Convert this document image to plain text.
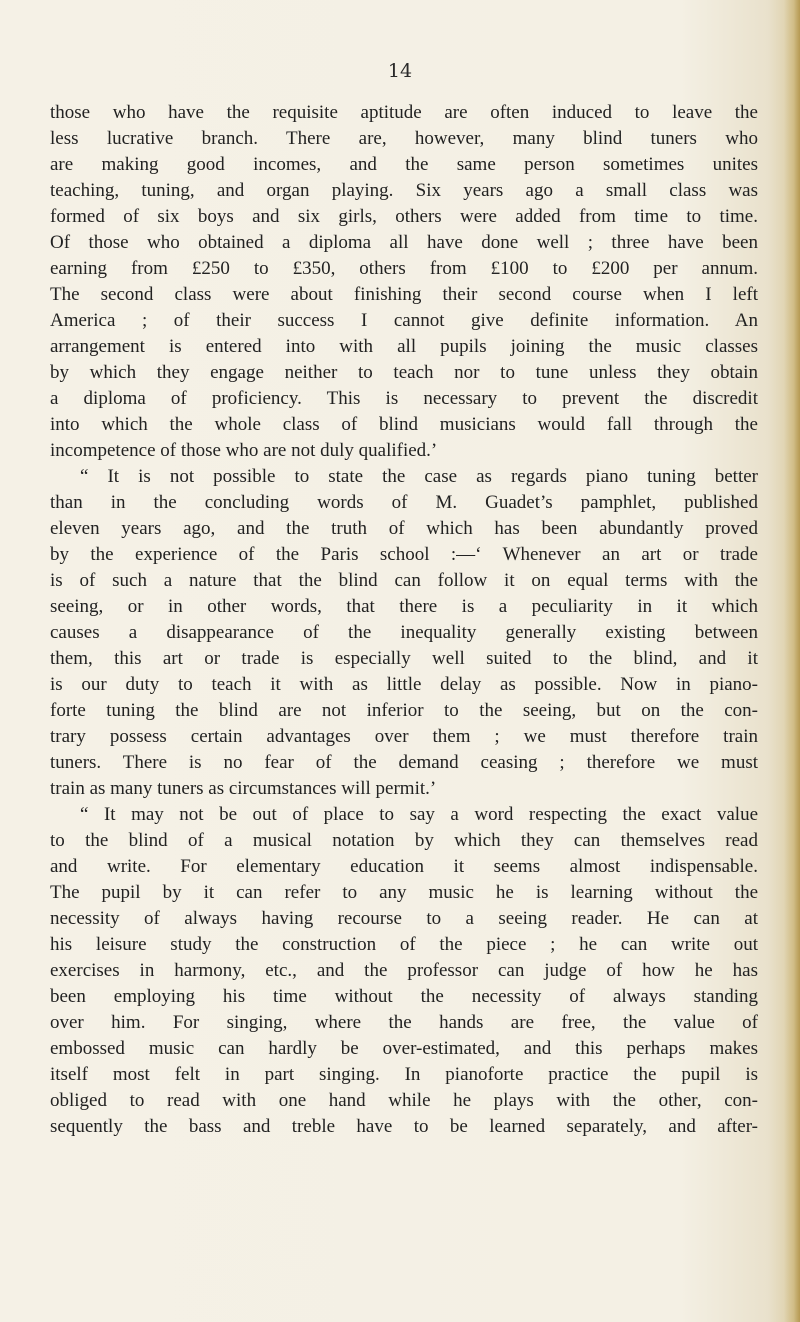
14

those who have the requisite aptitude are often induced to leave the
less lucrative branch. There are, however, many blind tuners who
are making good incomes, and the same person sometimes unites
teaching, tuning, and organ playing. Six years ago a small class was
formed of six boys and six girls, others were added from time to time.
Of those who obtained a diploma all have done well ; three have been
earning from £250 to £350, others from £100 to £200 per annum.
The second class were about finishing their second course when I left
America ; of their success I cannot give definite information. An
arrangement is entered into with all pupils joining the music classes
by which they engage neither to teach nor to tune unless they obtain
a diploma of proficiency. This is necessary to prevent the discredit
into which the whole class of blind musicians would fall through the
incompetence of those who are not duly qualified.’
“ It is not possible to state the case as regards piano tuning better
than in the concluding words of M. Guadet’s pamphlet, published
eleven years ago, and the truth of which has been abundantly proved
by the experience of the Paris school :—‘ Whenever an art or trade
is of such a nature that the blind can follow it on equal terms with the
seeing, or in other words, that there is a peculiarity in it which
causes a disappearance of the inequality generally existing between
them, this art or trade is especially well suited to the blind, and it
is our duty to teach it with as little delay as possible. Now in piano-
forte tuning the blind are not inferior to the seeing, but on the con-
trary possess certain advantages over them ; we must therefore train
tuners. There is no fear of the demand ceasing ; therefore we must
train as many tuners as circumstances will permit.’
“ It may not be out of place to say a word respecting the exact value
to the blind of a musical notation by which they can themselves read
and write. For elementary education it seems almost indispensable.
The pupil by it can refer to any music he is learning without the
necessity of always having recourse to a seeing reader. He can at
his leisure study the construction of the piece ; he can write out
exercises in harmony, etc., and the professor can judge of how he has
been employing his time without the necessity of always standing
over him. For singing, where the hands are free, the value of
embossed music can hardly be over-estimated, and this perhaps makes
itself most felt in part singing. In pianoforte practice the pupil is
obliged to read with one hand while he plays with the other, con-
sequently the bass and treble have to be learned separately, and after-
